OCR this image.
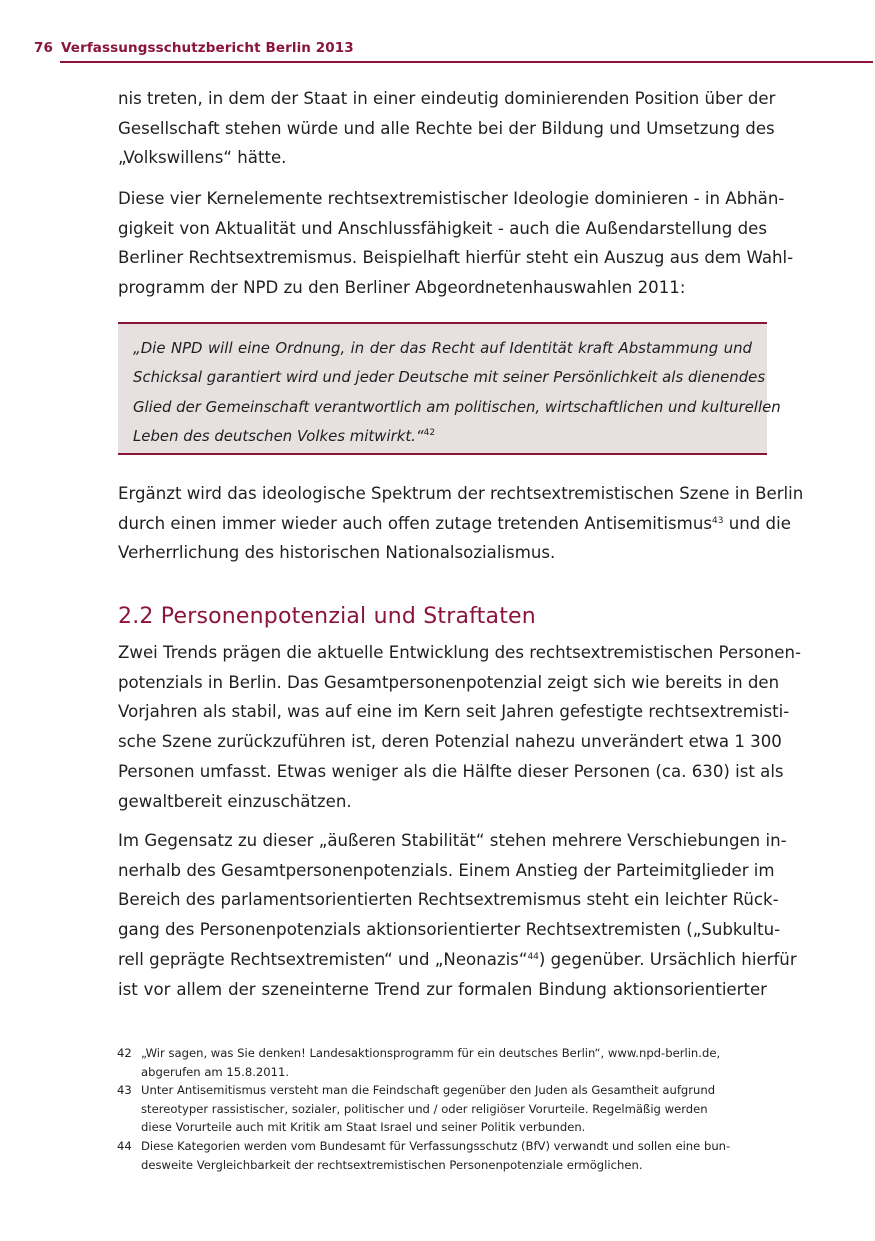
76 Verfassungsschutzbericht Berlin 2013

nis treten, in dem der Staat in einer eindeutig dominierenden Position über der
Gesellschaft stehen würde und alle Rechte bei der Bildung und Umsetzung des
„Volkswillens“ hätte.

Diese vier Kernelemente rechtsextremistischer Ideologie dominieren - in Abhän-
gigkeit von Aktualität und Anschlussfähigkeit - auch die Außendarstellung des
Berliner Rechtsextremismus. Beispielhaft hierfür steht ein Auszug aus dem Wahl-
programm der NPD zu den Berliner Abgeordnetenhauswahlen 2011:

„Die NPD will eine Ordnung, in der das Recht auf Identität kraft Abstammung und
Schicksal garantiert wird und jeder Deutsche mit seiner Persönlichkeit als dienendes
Glied der Gemeinschaft verantwortlich am politischen, wirtschaftlichen und kulturellen
Leben des deutschen Volkes mitwirkt.“$^{42}$

Ergänzt wird das ideologische Spektrum der rechtsextremistischen Szene in Berlin
durch einen immer wieder auch offen zutage tretenden Antisemitismus$^{43}$ und die
Verherrlichung des historischen Nationalsozialismus.

2.2 Personenpotenzial und Straftaten

Zwei Trends prägen die aktuelle Entwicklung des rechtsextremistischen Personen-
potenzials in Berlin. Das Gesamtpersonenpotenzial zeigt sich wie bereits in den
Vorjahren als stabil, was auf eine im Kern seit Jahren gefestigte rechtsextremisti-
sche Szene zurückzuführen ist, deren Potenzial nahezu unverändert etwa 1 300
Personen umfasst. Etwas weniger als die Hälfte dieser Personen (ca. 630) ist als
gewaltbereit einzuschätzen.

Im Gegensatz zu dieser „äußeren Stabilität“ stehen mehrere Verschiebungen in-
nerhalb des Gesamtpersonenpotenzials. Einem Anstieg der Parteimitglieder im
Bereich des parlamentsorientierten Rechtsextremismus steht ein leichter Rück-
gang des Personenpotenzials aktionsorientierter Rechtsextremisten („Subkultu-
rell geprägte Rechtsextremisten“ und „Neonazis“$^{44}$) gegenüber. Ursächlich hierfür
ist vor allem der szeneinterne Trend zur formalen Bindung aktionsorientierter

42 „Wir sagen, was Sie denken! Landesaktionsprogramm für ein deutsches Berlin“, www.npd-berlin.de,
abgerufen am 15.8.2011.
43 Unter Antisemitismus versteht man die Feindschaft gegenüber den Juden als Gesamtheit aufgrund
stereotyper rassistischer, sozialer, politischer und / oder religiöser Vorurteile. Regelmäßig werden
diese Vorurteile auch mit Kritik am Staat Israel und seiner Politik verbunden.
44 Diese Kategorien werden vom Bundesamt für Verfassungsschutz (BfV) verwandt und sollen eine bun-
desweite Vergleichbarkeit der rechtsextremistischen Personenpotenziale ermöglichen.
